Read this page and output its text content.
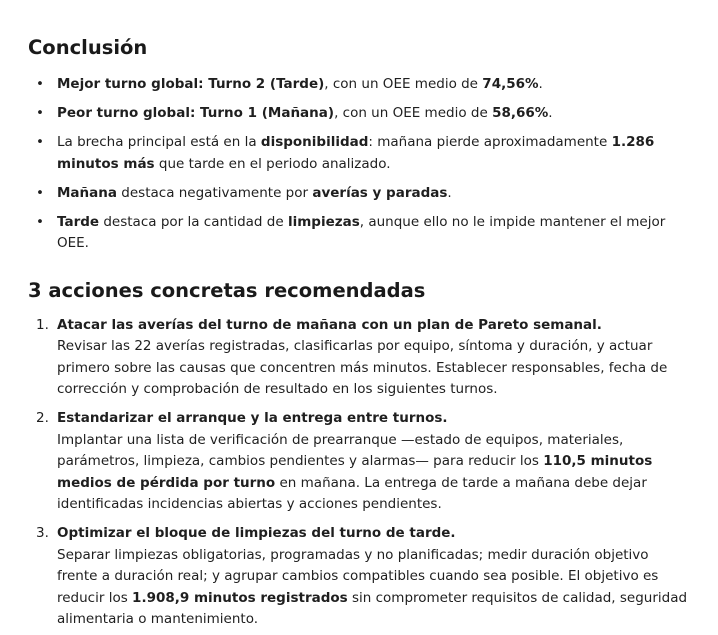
Conclusión
• Mejor turno global: Turno 2 (Tarde), con un OEE medio de 74,56%.
• Peor turno global: Turno 1 (Mañana), con un OEE medio de 58,66%.
• La brecha principal está en la disponibilidad: mañana pierde aproximadamente 1.286 minutos más que tarde en el periodo analizado.
• Mañana destaca negativamente por averías y paradas.
• Tarde destaca por la cantidad de limpiezas, aunque ello no le impide mantener el mejor OEE.
3 acciones concretas recomendadas
1. Atacar las averías del turno de mañana con un plan de Pareto semanal.
Revisar las 22 averías registradas, clasificarlas por equipo, síntoma y duración, y actuar primero sobre las causas que concentren más minutos. Establecer responsables, fecha de corrección y comprobación de resultado en los siguientes turnos.
2. Estandarizar el arranque y la entrega entre turnos.
Implantar una lista de verificación de prearranque —estado de equipos, materiales, parámetros, limpieza, cambios pendientes y alarmas— para reducir los 110,5 minutos medios de pérdida por turno en mañana. La entrega de tarde a mañana debe dejar identificadas incidencias abiertas y acciones pendientes.
3. Optimizar el bloque de limpiezas del turno de tarde.
Separar limpiezas obligatorias, programadas y no planificadas; medir duración objetivo frente a duración real; y agrupar cambios compatibles cuando sea posible. El objetivo es reducir los 1.908,9 minutos registrados sin comprometer requisitos de calidad, seguridad alimentaria o mantenimiento.
